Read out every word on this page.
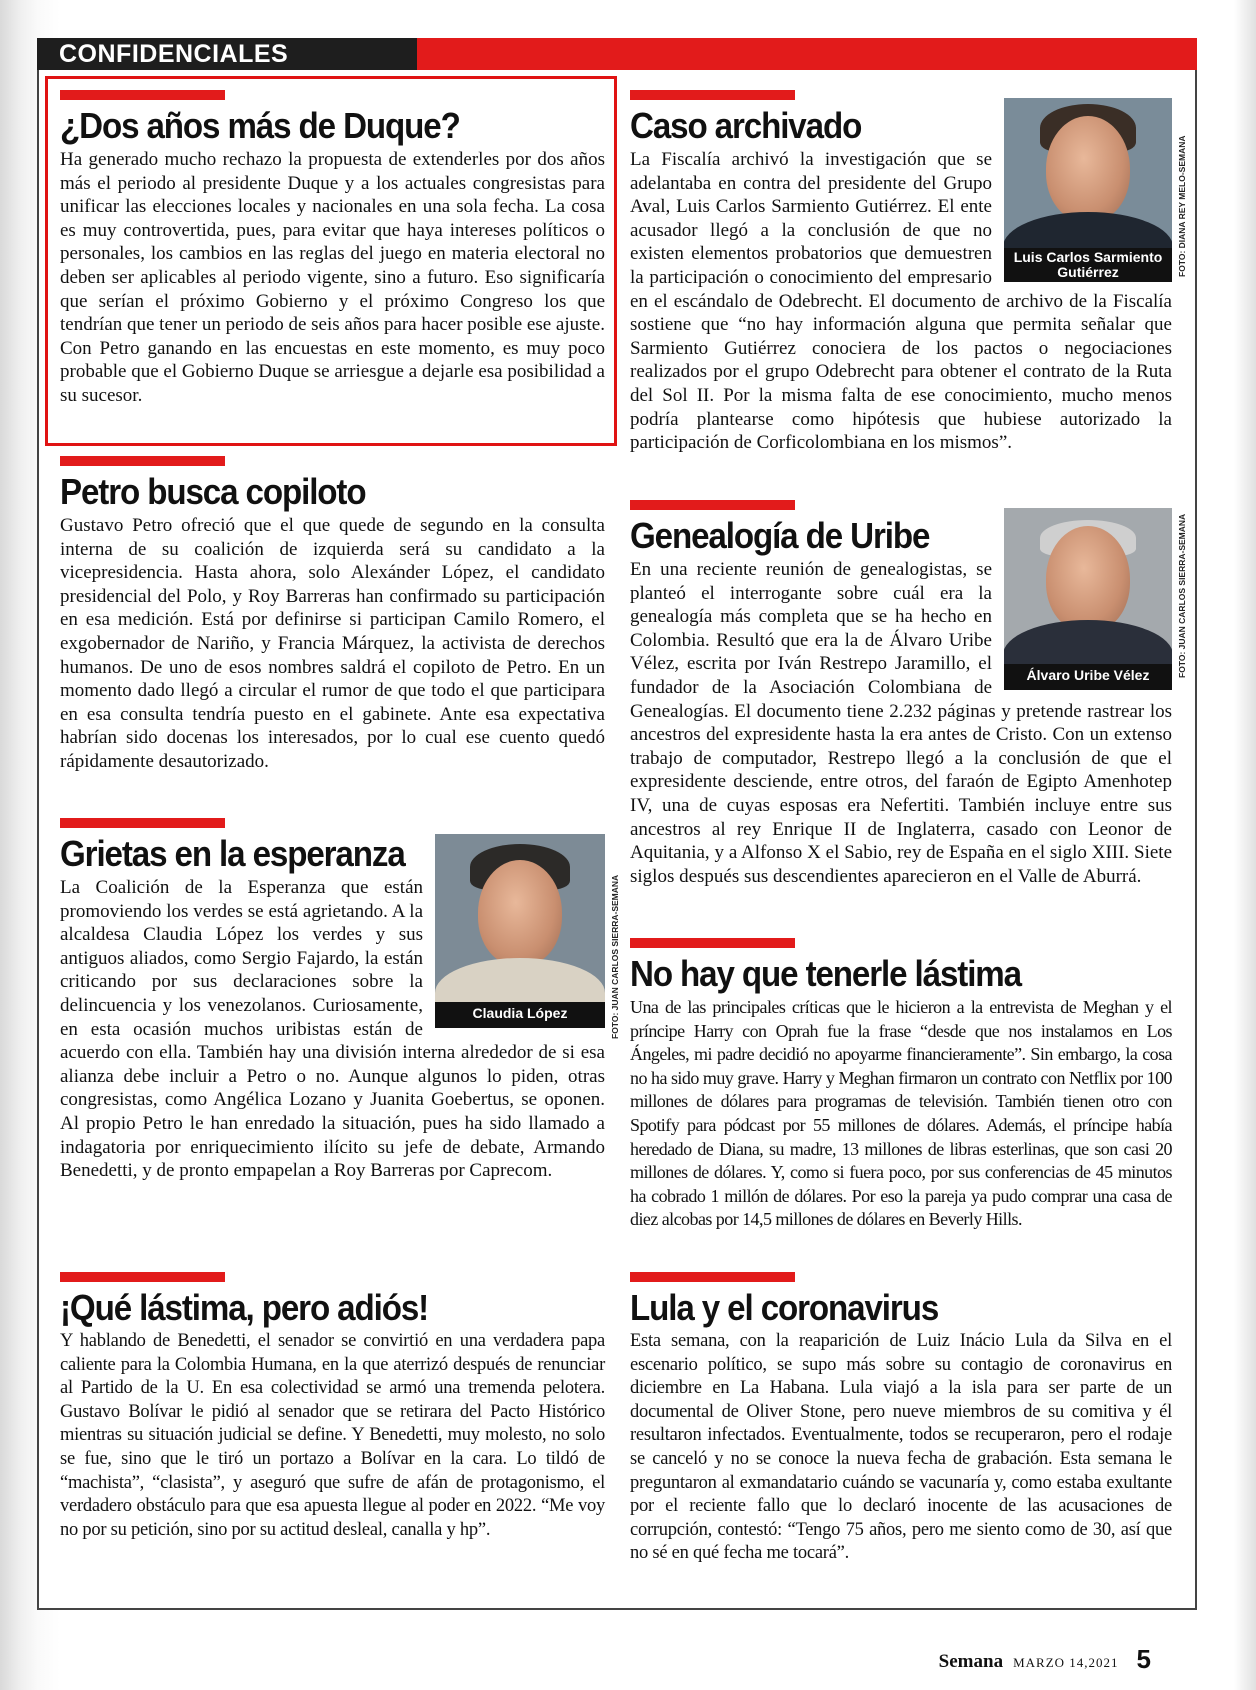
CONFIDENCIALES
¿Dos años más de Duque?

Ha generado mucho rechazo la propuesta de extenderles por dos años más el periodo al presidente Duque y a los actuales congresistas para unificar las elecciones locales y nacionales en una sola fecha. La cosa es muy controvertida, pues, para evitar que haya intereses políticos o personales, los cambios en las reglas del juego en materia electoral no deben ser aplicables al periodo vigente, sino a futuro. Eso significaría que serían el próximo Gobierno y el próximo Congreso los que tendrían que tener un periodo de seis años para hacer posible ese ajuste. Con Petro ganando en las encuestas en este momento, es muy poco probable que el Gobierno Duque se arriesgue a dejarle esa posibilidad a su sucesor.

Petro busca copiloto

Gustavo Petro ofreció que el que quede de segundo en la consulta interna de su coalición de izquierda será su candidato a la vicepresidencia. Hasta ahora, solo Alexánder López, el candidato presidencial del Polo, y Roy Barreras han confirmado su participación en esa medición. Está por definirse si participan Camilo Romero, el exgobernador de Nariño, y Francia Márquez, la activista de derechos humanos. De uno de esos nombres saldrá el copiloto de Petro. En un momento dado llegó a circular el rumor de que todo el que participara en esa consulta tendría puesto en el gabinete. Ante esa expectativa habrían sido docenas los interesados, por lo cual ese cuento quedó rápidamente desautorizado.

Grietas en la esperanza
Claudia López

La Coalición de la Esperanza que están promoviendo los verdes se está agrietando. A la alcaldesa Claudia López los verdes y sus antiguos aliados, como Sergio Fajardo, la están criticando por sus declaraciones sobre la delincuencia y los venezolanos. Curiosamente, en esta ocasión muchos uribistas están de acuerdo con ella. También hay una división interna alrededor de si esa alianza debe incluir a Petro o no. Aunque algunos lo piden, otras congresistas, como Angélica Lozano y Juanita Goebertus, se oponen. Al propio Petro le han enredado la situación, pues ha sido llamado a indagatoria por enriquecimiento ilícito su jefe de debate, Armando Benedetti, y de pronto empapelan a Roy Barreras por Caprecom.

FOTO: JUAN CARLOS SIERRA-SEMANA
¡Qué lástima, pero adiós!

Y hablando de Benedetti, el senador se convirtió en una verdadera papa caliente para la Colombia Humana, en la que aterrizó después de renunciar al Partido de la U. En esa colectividad se armó una tremenda pelotera. Gustavo Bolívar le pidió al senador que se retirara del Pacto Histórico mientras su situación judicial se define. Y Benedetti, muy molesto, no solo se fue, sino que le tiró un portazo a Bolívar en la cara. Lo tildó de “machista”, “clasista”, y aseguró que sufre de afán de protagonismo, el verdadero obstáculo para que esa apuesta llegue al poder en 2022. “Me voy no por su petición, sino por su actitud desleal, canalla y hp”.

Luis Carlos Sarmiento Gutiérrez
Caso archivado

La Fiscalía archivó la investigación que se adelantaba en contra del presidente del Grupo Aval, Luis Carlos Sarmiento Gutiérrez. El ente acusador llegó a la conclusión de que no existen elementos probatorios que demuestren la participación o conocimiento del empresario en el escándalo de Odebrecht. El documento de archivo de la Fiscalía sostiene que “no hay información alguna que permita señalar que Sarmiento Gutiérrez conociera de los pactos o negociaciones realizados por el grupo Odebrecht para obtener el contrato de la Ruta del Sol II. Por la misma falta de ese conocimiento, mucho menos podría plantearse como hipótesis que hubiese autorizado la participación de Corficolombiana en los mismos”.

FOTO: DIANA REY MELO-SEMANA
Álvaro Uribe Vélez
Genealogía de Uribe

En una reciente reunión de genealogistas, se planteó el interrogante sobre cuál era la genealogía más completa que se ha hecho en Colombia. Resultó que era la de Álvaro Uribe Vélez, escrita por Iván Restrepo Jaramillo, el fundador de la Asociación Colombiana de Genealogías. El documento tiene 2.232 páginas y pretende rastrear los ancestros del expresidente hasta la era antes de Cristo. Con un extenso trabajo de computador, Restrepo llegó a la conclusión de que el expresidente desciende, entre otros, del faraón de Egipto Amenhotep IV, una de cuyas esposas era Nefertiti. También incluye entre sus ancestros al rey Enrique II de Inglaterra, casado con Leonor de Aquitania, y a Alfonso X el Sabio, rey de España en el siglo XIII. Siete siglos después sus descendientes aparecieron en el Valle de Aburrá.

FOTO: JUAN CARLOS SIERRA-SEMANA
No hay que tenerle lástima

Una de las principales críticas que le hicieron a la entrevista de Meghan y el príncipe Harry con Oprah fue la frase “desde que nos instalamos en Los Ángeles, mi padre decidió no apoyarme financieramente”. Sin embargo, la cosa no ha sido muy grave. Harry y Meghan firmaron un contrato con Netflix por 100 millones de dólares para programas de televisión. También tienen otro con Spotify para pódcast por 55 millones de dólares. Además, el príncipe había heredado de Diana, su madre, 13 millones de libras esterlinas, que son casi 20 millones de dólares. Y, como si fuera poco, por sus conferencias de 45 minutos ha cobrado 1 millón de dólares. Por eso la pareja ya pudo comprar una casa de diez alcobas por 14,5 millones de dólares en Beverly Hills.

Lula y el coronavirus

Esta semana, con la reaparición de Luiz Inácio Lula da Silva en el escenario político, se supo más sobre su contagio de coronavirus en diciembre en La Habana. Lula viajó a la isla para ser parte de un documental de Oliver Stone, pero nueve miembros de su comitiva y él resultaron infectados. Eventualmente, todos se recuperaron, pero el rodaje se canceló y no se conoce la nueva fecha de grabación. Esta semana le preguntaron al exmandatario cuándo se vacunaría y, como estaba exultante por el reciente fallo que lo declaró inocente de las acusaciones de corrupción, contestó: “Tengo 75 años, pero me siento como de 30, así que no sé en qué fecha me tocará”.

Semana MARZO 14,2021 5
